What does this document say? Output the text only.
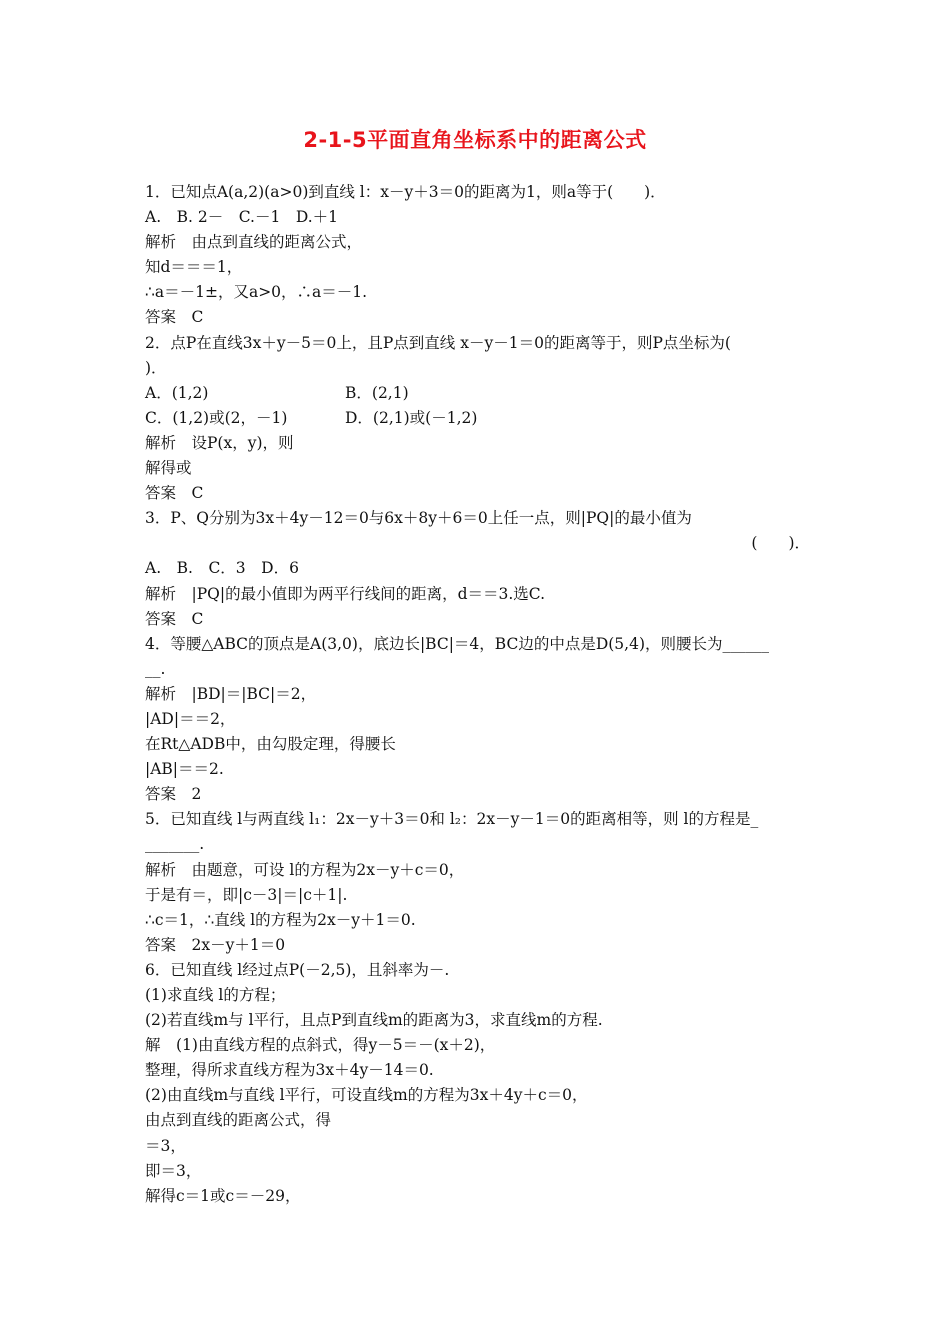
2-1-5平面直角坐标系中的距离公式
1．已知点A(a,2)(a>0)到直线 l：x－y＋3＝0的距离为1，则a等于(　　)．
A.　B. 2－　C.－1　D.＋1
解析　由点到直线的距离公式，
知d＝＝＝1，
∴a＝－1±，又a>0，∴a＝－1.
答案　C
2．点P在直线3x＋y－5＝0上，且P点到直线 x－y－1＝0的距离等于，则P点坐标为(
)．
A．(1,2)	B．(2,1)
C．(1,2)或(2，－1)	D．(2,1)或(－1,2)
解析　设P(x，y)，则
解得或
答案　C
3．P、Q分别为3x＋4y－12＝0与6x＋8y＋6＝0上任一点，则|PQ|的最小值为
(　　)．
A.　B.　C．3　D．6
解析　|PQ|的最小值即为两平行线间的距离，d＝＝3.选C.
答案　C
4．等腰△ABC的顶点是A(3,0)，底边长|BC|＝4，BC边的中点是D(5,4)，则腰长为______
__.
解析　|BD|＝|BC|＝2，
|AD|＝＝2，
在Rt△ADB中，由勾股定理，得腰长
|AB|＝＝2.
答案　2
5．已知直线 l与两直线 l₁：2x－y＋3＝0和 l₂：2x－y－1＝0的距离相等，则 l的方程是_
_______.
解析　由题意，可设 l的方程为2x－y＋c＝0，
于是有＝，即|c－3|＝|c＋1|.
∴c＝1，∴直线 l的方程为2x－y＋1＝0.
答案　2x－y＋1＝0
6．已知直线 l经过点P(－2,5)，且斜率为－.
(1)求直线 l的方程；
(2)若直线m与 l平行，且点P到直线m的距离为3，求直线m的方程.
解　(1)由直线方程的点斜式，得y－5＝－(x＋2)，
整理，得所求直线方程为3x＋4y－14＝0.
(2)由直线m与直线 l平行，可设直线m的方程为3x＋4y＋c＝0，
由点到直线的距离公式，得
＝3，
即＝3，
解得c＝1或c＝－29，
